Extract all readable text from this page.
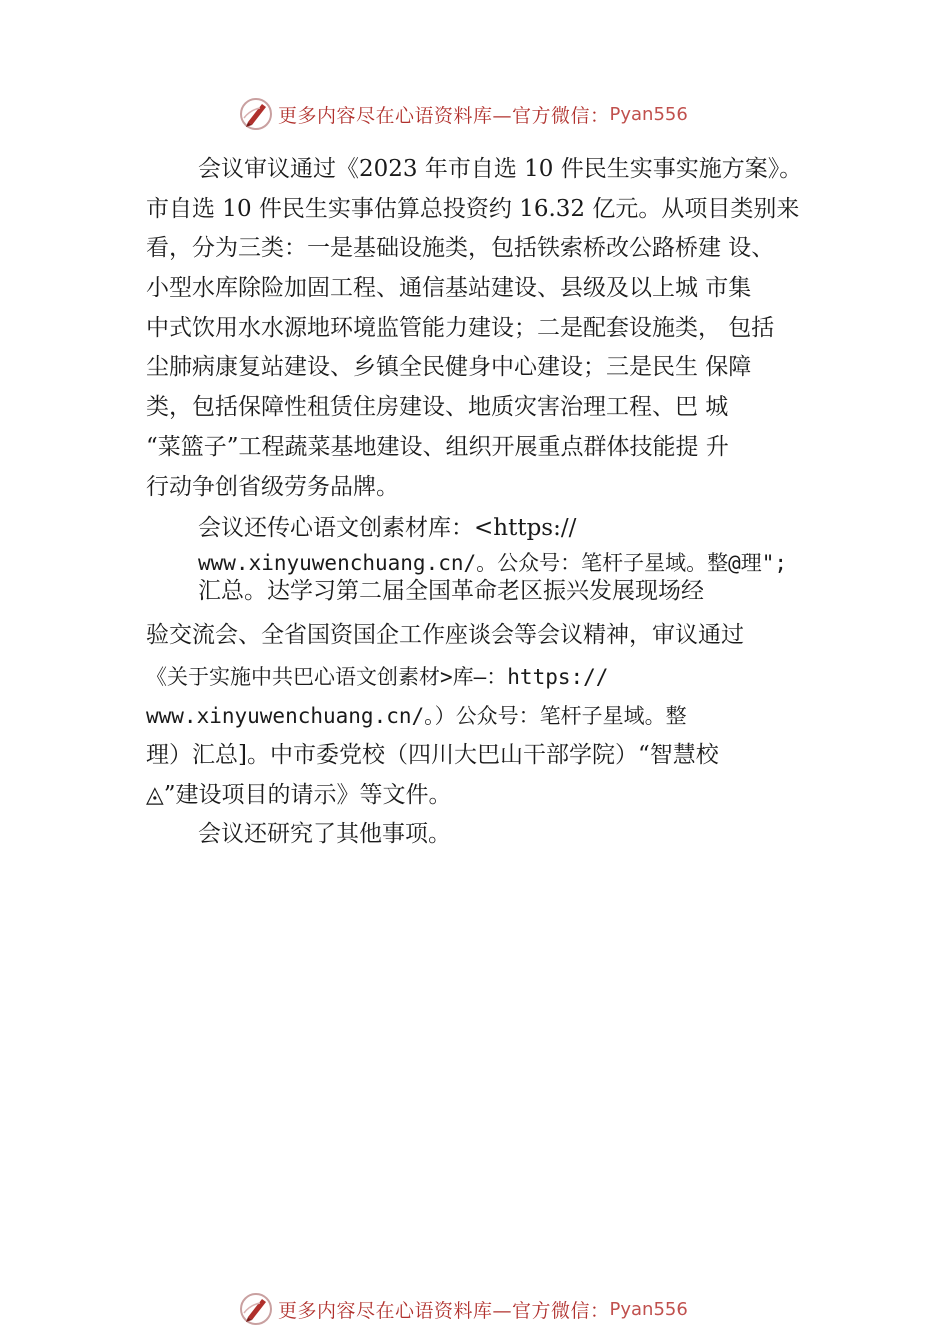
更多内容尽在心语资料库—官方微信： Pyan556
会议审议通过《2023 年市自选 10 件民生实事实施方案》。
市自选 10 件民生实事估算总投资约 16.32 亿元。从项目类别来
看，分为三类：一是基础设施类，包括铁索桥改公路桥建 设、
小型水库除险加固工程、通信基站建设、县级及以上城 市集
中式饮用水水源地环境监管能力建设；二是配套设施类， 包括
尘肺病康复站建设、乡镇全民健身中心建设；三是民生 保障
类，包括保障性租赁住房建设、地质灾害治理工程、巴 城
“菜篮子”工程蔬菜基地建设、组织开展重点群体技能提 升
行动争创省级劳务品牌。
会议还传心语文创素材库：<https://
www.xinyuwenchuang.cn/。公众号：笔杆子星域。整@理";
汇总。达学习第二届全国革命老区振兴发展现场经
验交流会、全省国资国企工作座谈会等会议精神，审议通过
《关于实施中共巴心语文创素材>库—：https://
www.xinyuwenchuang.cn/。）公众号：笔杆子星域。整
理）汇总]。中市委党校（四川大巴山干部学院）“智慧校
◬”建设项目的请示》等文件。
会议还研究了其他事项。
更多内容尽在心语资料库—官方微信： Pyan556
